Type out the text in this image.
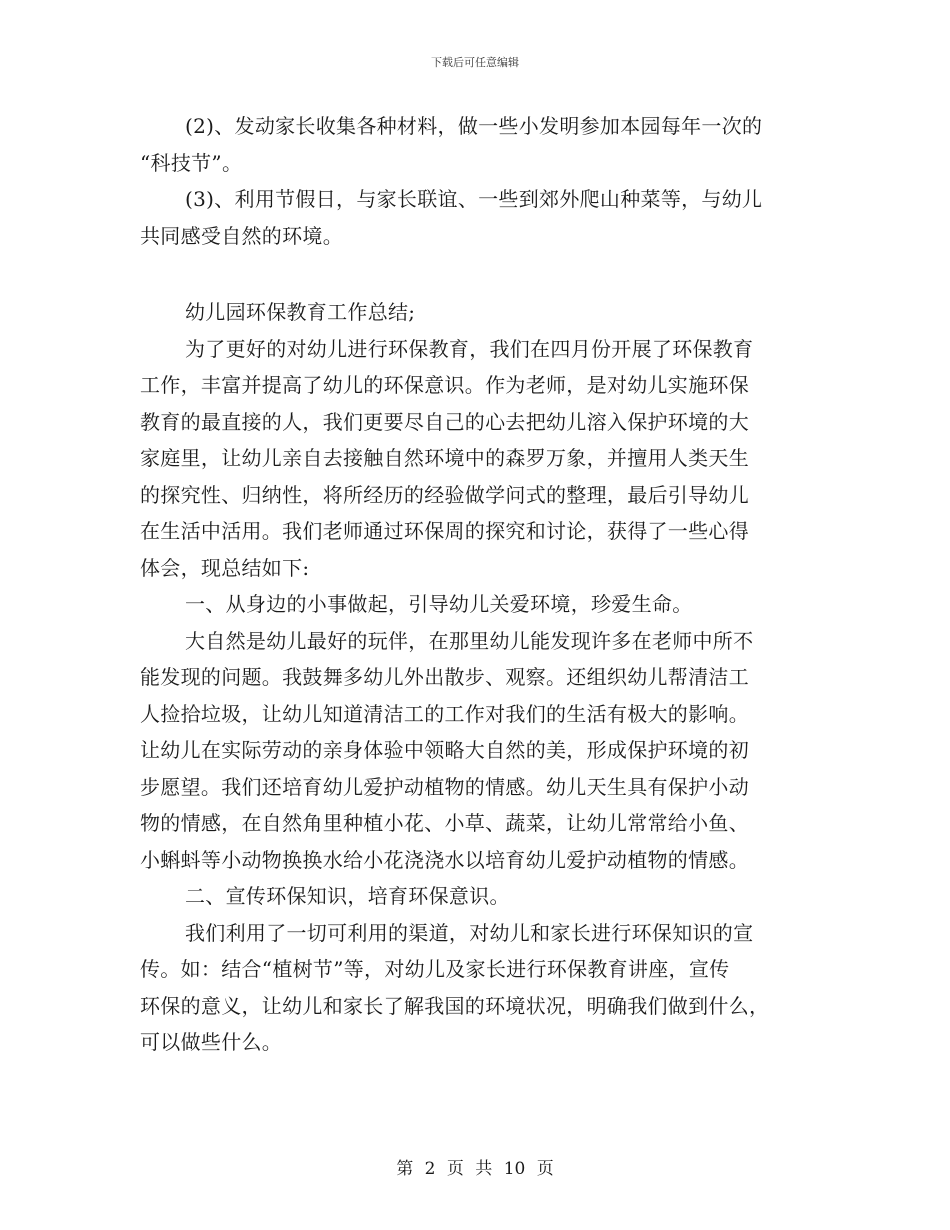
下载后可任意编辑
(2)、发动家长收集各种材料，做一些小发明参加本园每年一次的
“科技节”。
(3)、利用节假日，与家长联谊、一些到郊外爬山种菜等，与幼儿
共同感受自然的环境。
幼儿园环保教育工作总结;
为了更好的对幼儿进行环保教育，我们在四月份开展了环保教育
工作，丰富并提高了幼儿的环保意识。作为老师，是对幼儿实施环保
教育的最直接的人，我们更要尽自己的心去把幼儿溶入保护环境的大
家庭里，让幼儿亲自去接触自然环境中的森罗万象，并擅用人类天生
的探究性、归纳性，将所经历的经验做学问式的整理，最后引导幼儿
在生活中活用。我们老师通过环保周的探究和讨论，获得了一些心得
体会，现总结如下:
一、从身边的小事做起，引导幼儿关爱环境，珍爱生命。
大自然是幼儿最好的玩伴，在那里幼儿能发现许多在老师中所不
能发现的问题。我鼓舞多幼儿外出散步、观察。还组织幼儿帮清洁工
人捡拾垃圾，让幼儿知道清洁工的工作对我们的生活有极大的影响。
让幼儿在实际劳动的亲身体验中领略大自然的美，形成保护环境的初
步愿望。我们还培育幼儿爱护动植物的情感。幼儿天生具有保护小动
物的情感，在自然角里种植小花、小草、蔬菜，让幼儿常常给小鱼、
小蝌蚪等小动物换换水给小花浇浇水以培育幼儿爱护动植物的情感。
二、宣传环保知识，培育环保意识。
我们利用了一切可利用的渠道，对幼儿和家长进行环保知识的宣
传。如：结合“植树节”等，对幼儿及家长进行环保教育讲座，宣传
环保的意义，让幼儿和家长了解我国的环境状况，明确我们做到什么，
可以做些什么。
第 2 页 共 10 页
